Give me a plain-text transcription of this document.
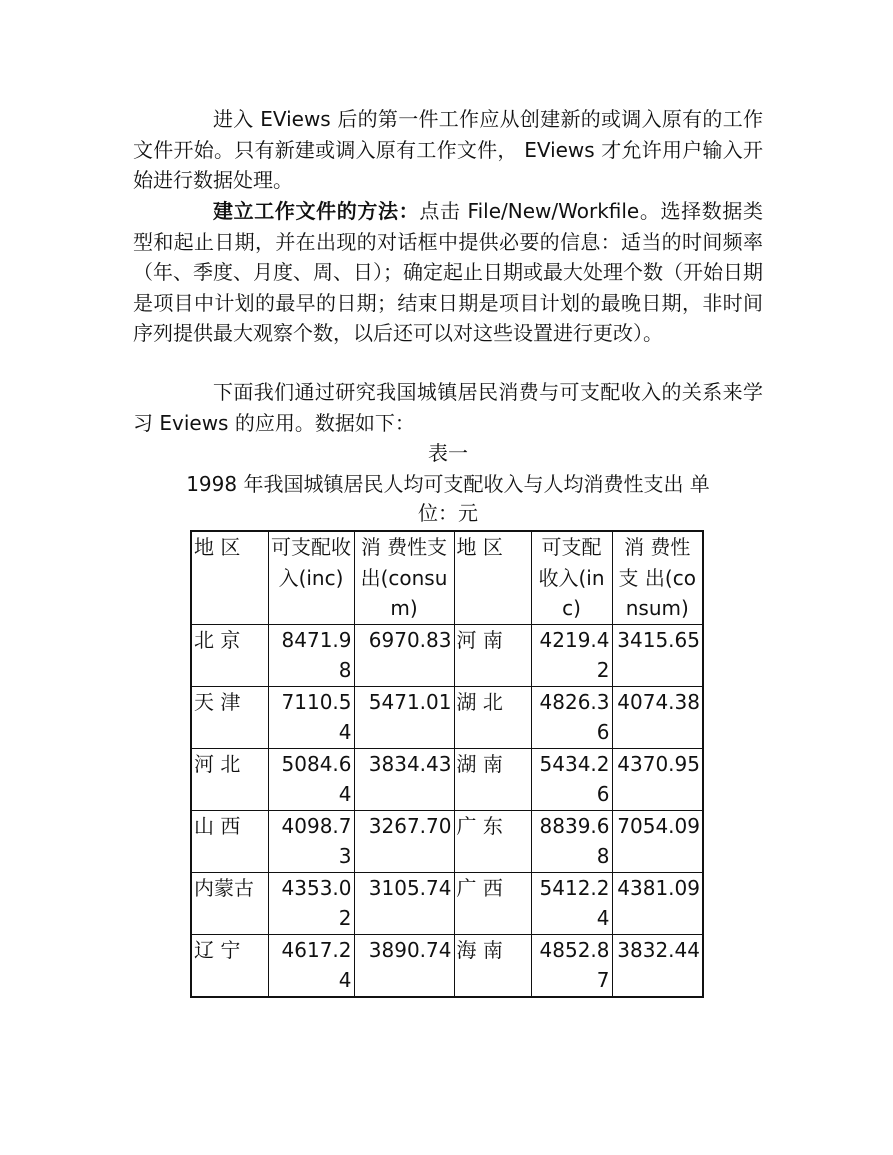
进入 EViews 后的第一件工作应从创建新的或调入原有的工作文件开始。只有新建或调入原有工作文件， EViews 才允许用户输入开始进行数据处理。

建立工作文件的方法：点击 File/New/Workfile。选择数据类型和起止日期，并在出现的对话框中提供必要的信息：适当的时间频率（年、季度、月度、周、日）；确定起止日期或最大处理个数（开始日期是项目中计划的最早的日期；结束日期是项目计划的最晚日期，非时间序列提供最大观察个数，以后还可以对这些设置进行更改）。

下面我们通过研究我国城镇居民消费与可支配收入的关系来学习 Eviews 的应用。数据如下：

表一

1998 年我国城镇居民人均可支配收入与人均消费性支出 单

位：元

地 区	可支配收入(inc)	消 费性支 出(consum)	地 区	可支配收入(inc)	消 费性支 出(consum)
北 京	8471.98	6970.83	河 南	4219.42	3415.65
天 津	7110.54	5471.01	湖 北	4826.36	4074.38
河 北	5084.64	3834.43	湖 南	5434.26	4370.95
山 西	4098.73	3267.70	广 东	8839.68	7054.09
内蒙古	4353.02	3105.74	广 西	5412.24	4381.09
辽 宁	4617.24	3890.74	海 南	4852.87	3832.44
